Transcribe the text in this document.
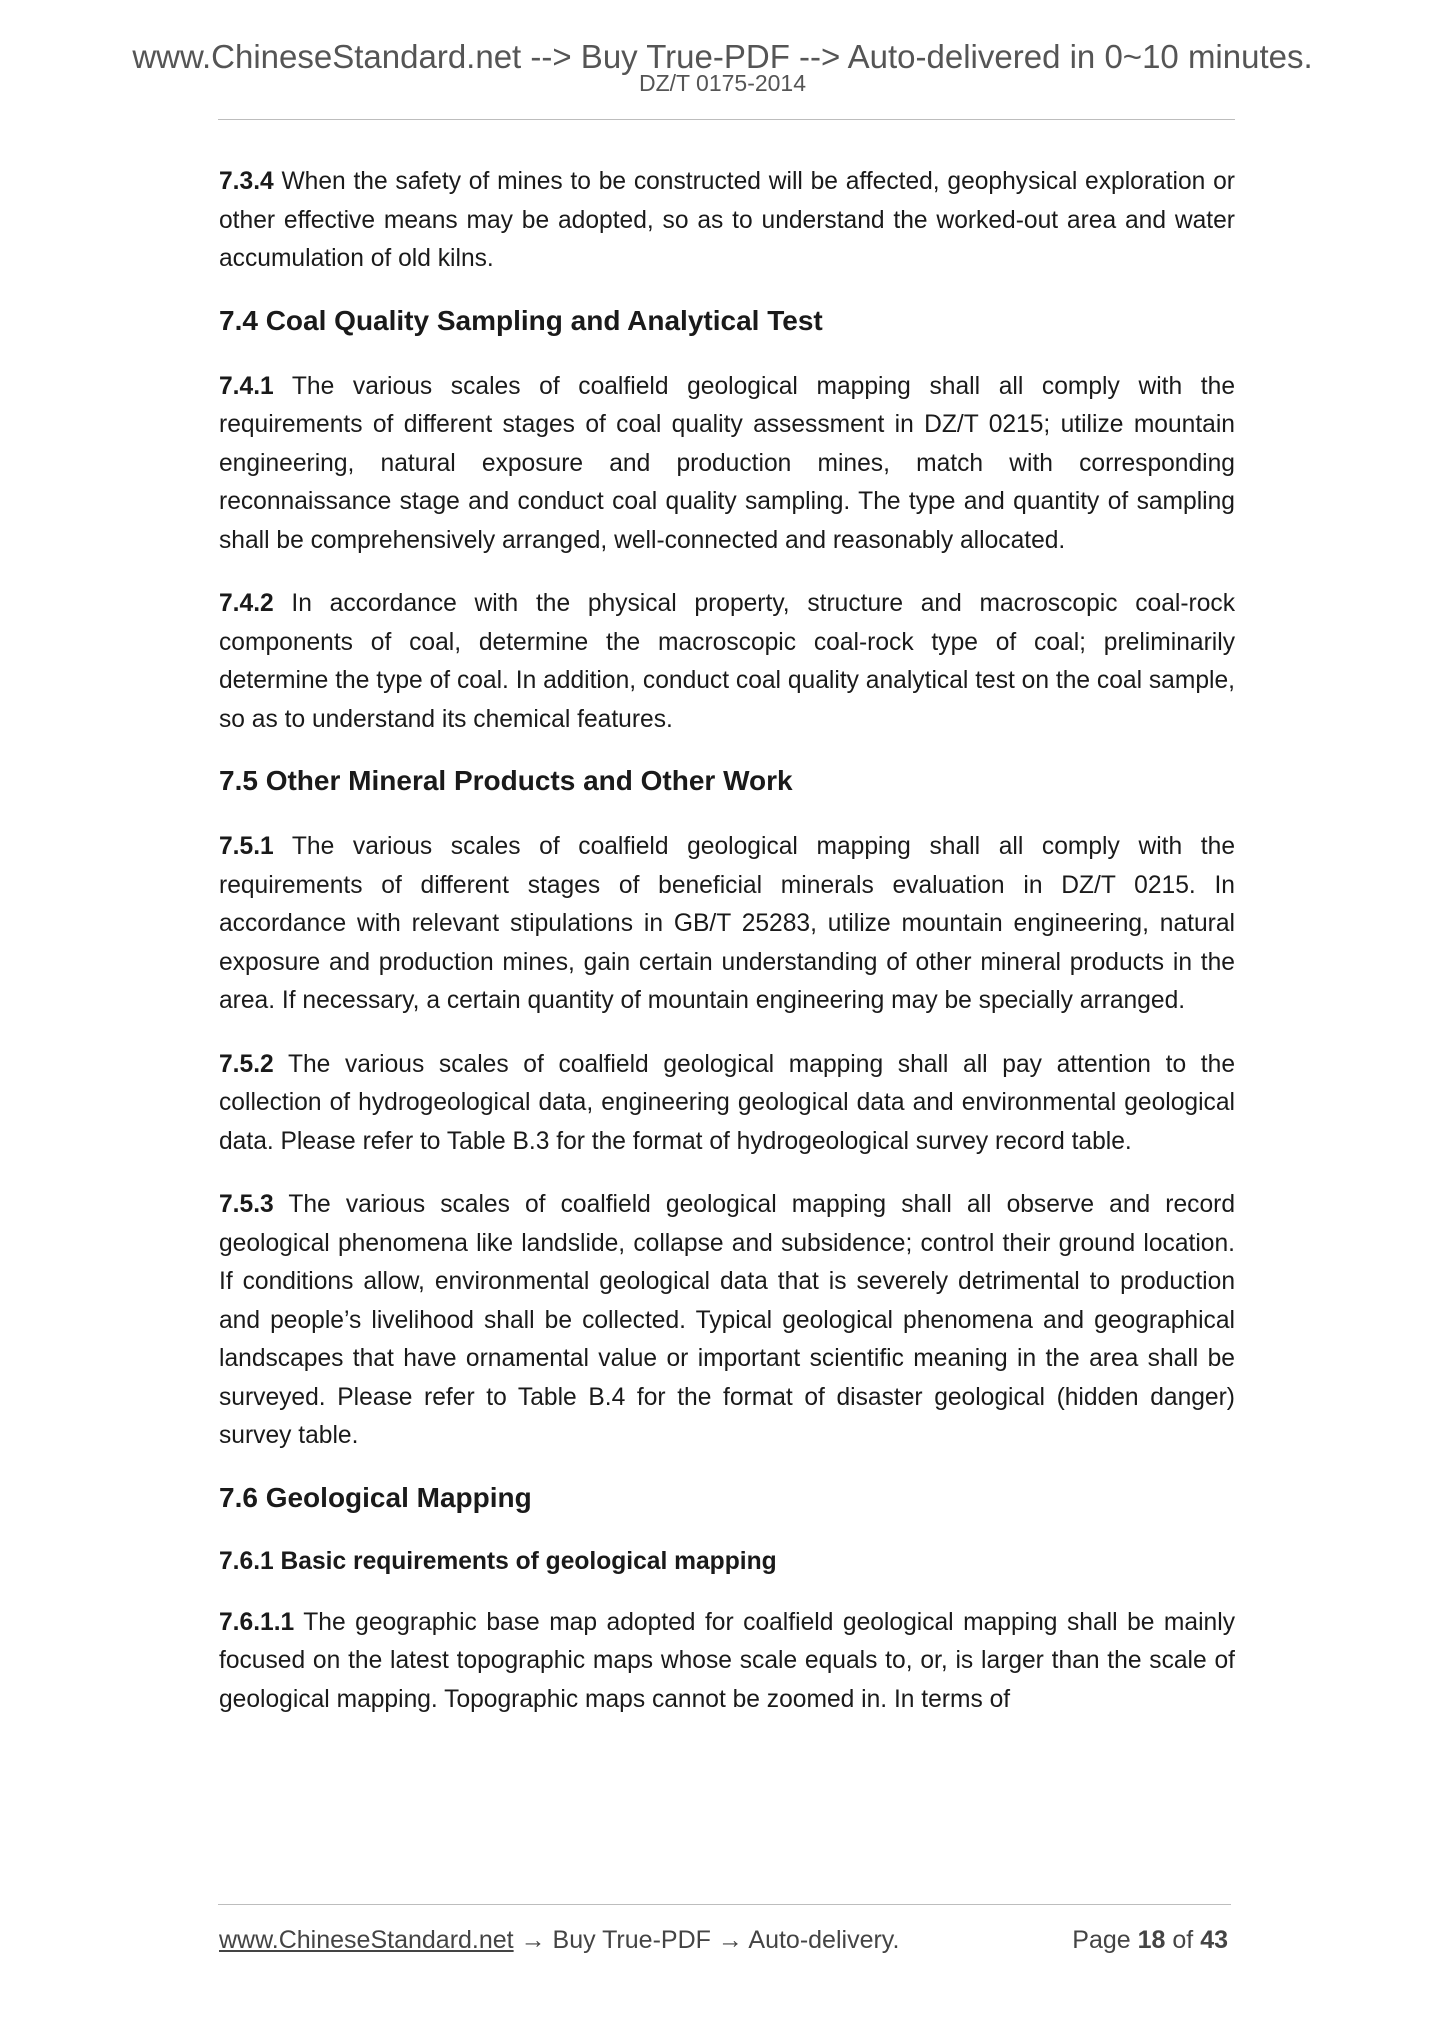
www.ChineseStandard.net --> Buy True-PDF --> Auto-delivered in 0~10 minutes.
DZ/T 0175-2014

7.3.4 When the safety of mines to be constructed will be affected, geophysical exploration or other effective means may be adopted, so as to understand the worked-out area and water accumulation of old kilns.

7.4 Coal Quality Sampling and Analytical Test

7.4.1 The various scales of coalfield geological mapping shall all comply with the requirements of different stages of coal quality assessment in DZ/T 0215; utilize mountain engineering, natural exposure and production mines, match with corresponding reconnaissance stage and conduct coal quality sampling. The type and quantity of sampling shall be comprehensively arranged, well-connected and reasonably allocated.

7.4.2 In accordance with the physical property, structure and macroscopic coal-rock components of coal, determine the macroscopic coal-rock type of coal; preliminarily determine the type of coal. In addition, conduct coal quality analytical test on the coal sample, so as to understand its chemical features.

7.5 Other Mineral Products and Other Work

7.5.1 The various scales of coalfield geological mapping shall all comply with the requirements of different stages of beneficial minerals evaluation in DZ/T 0215. In accordance with relevant stipulations in GB/T 25283, utilize mountain engineering, natural exposure and production mines, gain certain understanding of other mineral products in the area. If necessary, a certain quantity of mountain engineering may be specially arranged.

7.5.2 The various scales of coalfield geological mapping shall all pay attention to the collection of hydrogeological data, engineering geological data and environmental geological data. Please refer to Table B.3 for the format of hydrogeological survey record table.

7.5.3 The various scales of coalfield geological mapping shall all observe and record geological phenomena like landslide, collapse and subsidence; control their ground location. If conditions allow, environmental geological data that is severely detrimental to production and people’s livelihood shall be collected. Typical geological phenomena and geographical landscapes that have ornamental value or important scientific meaning in the area shall be surveyed. Please refer to Table B.4 for the format of disaster geological (hidden danger) survey table.

7.6 Geological Mapping
7.6.1 Basic requirements of geological mapping

7.6.1.1 The geographic base map adopted for coalfield geological mapping shall be mainly focused on the latest topographic maps whose scale equals to, or, is larger than the scale of geological mapping. Topographic maps cannot be zoomed in. In terms of

www.ChineseStandard.net → Buy True-PDF → Auto-delivery.	Page 18 of 43
